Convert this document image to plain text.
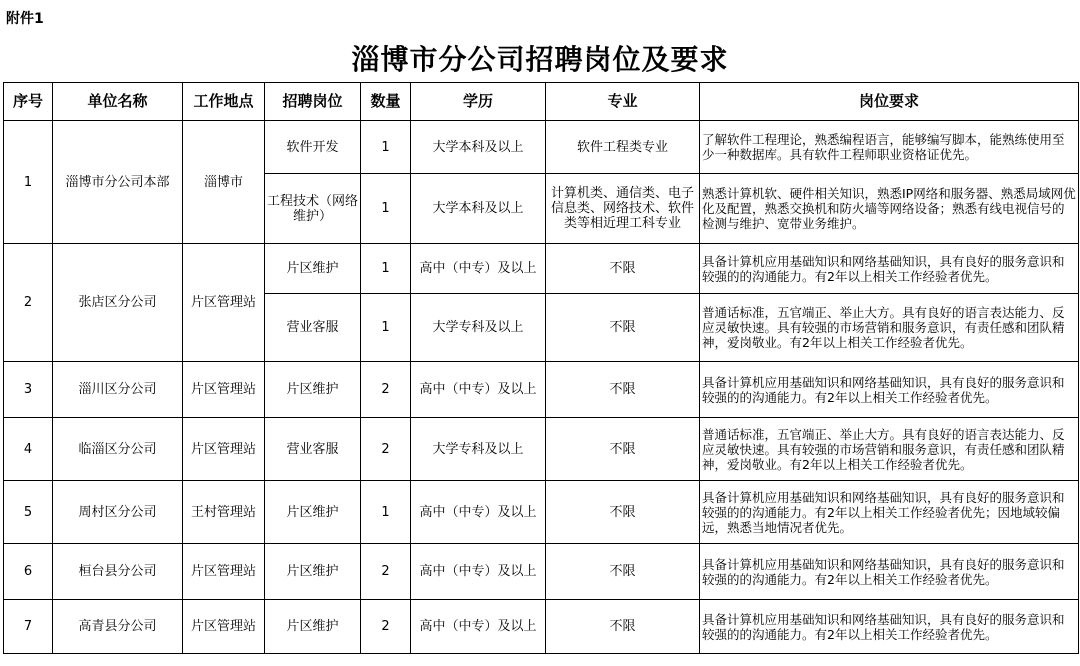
附件1
淄博市分公司招聘岗位及要求
序号	单位名称	工作地点	招聘岗位	数量	学历	专业	岗位要求
1	淄博市分公司本部	淄博市	软件开发	1	大学本科及以上	软件工程类专业	了解软件工程理论，熟悉编程语言，能够编写脚本，能熟练使用至少一种数据库。具有软件工程师职业资格证优先。
			工程技术（网络维护）	1	大学本科及以上	计算机类、通信类、电子信息类、网络技术、软件类等相近理工科专业	熟悉计算机软、硬件相关知识，熟悉IP网络和服务器、熟悉局域网优化及配置，熟悉交换机和防火墙等网络设备；熟悉有线电视信号的检测与维护、宽带业务维护。
2	张店区分公司	片区管理站	片区维护	1	高中（中专）及以上	不限	具备计算机应用基础知识和网络基础知识，具有良好的服务意识和较强的的沟通能力。有2年以上相关工作经验者优先。
			营业客服	1	大学专科及以上	不限	普通话标准，五官端正、举止大方。具有良好的语言表达能力、反应灵敏快速。具有较强的市场营销和服务意识，有责任感和团队精神，爱岗敬业。有2年以上相关工作经验者优先。
3	淄川区分公司	片区管理站	片区维护	2	高中（中专）及以上	不限	具备计算机应用基础知识和网络基础知识，具有良好的服务意识和较强的的沟通能力。有2年以上相关工作经验者优先。
4	临淄区分公司	片区管理站	营业客服	2	大学专科及以上	不限	普通话标准，五官端正、举止大方。具有良好的语言表达能力、反应灵敏快速。具有较强的市场营销和服务意识，有责任感和团队精神，爱岗敬业。有2年以上相关工作经验者优先。
5	周村区分公司	王村管理站	片区维护	1	高中（中专）及以上	不限	具备计算机应用基础知识和网络基础知识，具有良好的服务意识和较强的的沟通能力。有2年以上相关工作经验者优先；因地域较偏远，熟悉当地情况者优先。
6	桓台县分公司	片区管理站	片区维护	2	高中（中专）及以上	不限	具备计算机应用基础知识和网络基础知识，具有良好的服务意识和较强的的沟通能力。有2年以上相关工作经验者优先。
7	高青县分公司	片区管理站	片区维护	2	高中（中专）及以上	不限	具备计算机应用基础知识和网络基础知识，具有良好的服务意识和较强的的沟通能力。有2年以上相关工作经验者优先。
